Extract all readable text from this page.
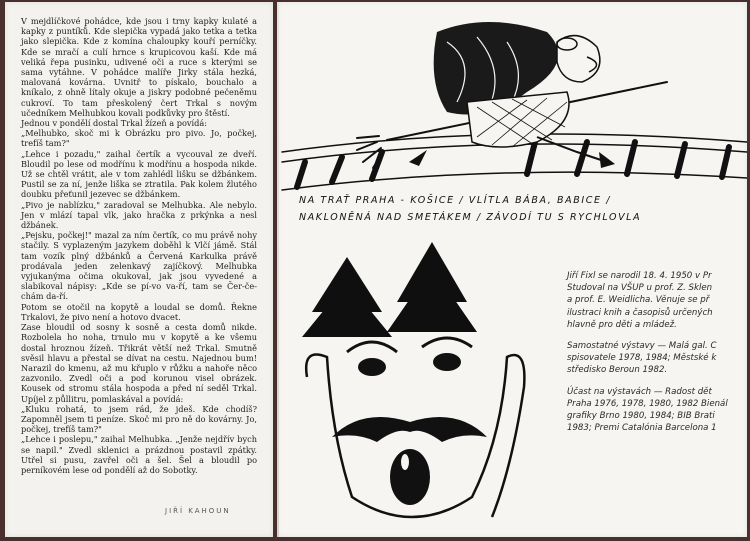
V mejdlíčkové pohádce, kde jsou i trny kapky kulaté a kapky z puntíků. Kde slepička vypadá jako tetka a tetka jako slepička. Kde z komína chaloupky kouří perníčky. Kde se mračí a culí hrnce s krupicovou kaší. Kde má veliká řepa pusinku, udivené oči a ruce s kterými se sama vytáhne. V pohádce malíře Jirky stála hezká, malovaná kovárna. Uvnitř to pískalo, bouchalo a kníkalo, z ohně lítaly okuje a jiskry podobné pečeněmu cukroví. To tam přeskolený čert Trkal s novým učedníkem Melhubkou kovali podkůvky pro štěstí.

Jednou v pondělí dostal Trkal žízeň a povídá:

„Melhubko, skoč mi k Obrázku pro pivo. Jo, počkej, trefíš tam?"

„Lehce i pozadu," zaihal čertík a vycouval ze dveří. Bloudil po lese od modřínu k modřínu a hospoda nikde. Už se chtěl vrátit, ale v tom zahlédl lišku se džbánkem. Pustil se za ní, jenže liška se ztratila. Pak kolem žlutého doubku přeťunil jezevec se džbánkem.

„Pivo je nablízku," zaradoval se Melhubka. Ale nebylo. Jen v mlází tapal vlk, jako hračka z prkýnka a nesl džbánek.

„Pejsku, počkej!" mazal za ním čertík, co mu právě nohy stačily. S vyplazeným jazykem doběhl k Vlčí jámě. Stál tam vozík plný džbánků a Červená Karkulka právě prodávala jeden zelenkavý zajíčkový. Melhubka vyjukanýma očima okukoval, jak jsou vyvedené a slabikoval nápisy: „Kde se pí-vo va-ří, tam se Čer-če-chám da-ří.

Potom se otočil na kopytě a loudal se domů. Řekne Trkalovi, že pivo není a hotovo dvacet.

Zase bloudil od sosny k sosně a cesta domů nikde. Rozbolela ho noha, trnulo mu v kopytě a ke všemu dostal hroznou žízeň. Třikrát větší než Trkal. Smutně svěsil hlavu a přestal se dívat na cestu. Najednou bum! Narazil do kmenu, až mu křuplo v růžku a nahoře něco zazvonilo. Zvedl oči a pod korunou visel obrázek. Kousek od stromu stála hospoda a před ní seděl Trkal. Upíjel z půllitru, pomlaskával a povídá:

„Kluku rohatá, to jsem rád, že jdeš. Kde chodíš? Zapomněl jsem ti peníze. Skoč mi pro ně do kovárny. Jo, počkej, trefíš tam?"

„Lehce i poslepu," zaihal Melhubka. „Jenže nejdřív bych se napil." Zvedl sklenici a prázdnou postavil zpátky. Utřel si pusu, zavřel oči a šel. Šel a bloudil po perníkovém lese od pondělí až do Sobotky.

JIŘÍ KAHOUN
NA TRAŤ PRAHA - KOŠICE / VLÍTLA BÁBA, BABICE /
NAKLONĚNÁ NAD SMETÁKEM / ZÁVODÍ TU S RYCHLOVLA

Jiří Fixl se narodil 18. 4. 1950 v Pr
Studoval na VŠUP u prof. Z. Sklen
a prof. E. Weidlicha. Věnuje se př
ilustraci knih a časopisů určených
hlavně pro děti a mládež.

Samostatné výstavy — Malá gal. C
spisovatele 1978, 1984; Městské k
středisko Beroun 1982.

Účast na výstavách — Radost dět
Praha 1976, 1978, 1980, 1982 Bienál
grafiky Brno 1980, 1984; BIB Brati
1983; Premi Catalónia Barcelona 1
